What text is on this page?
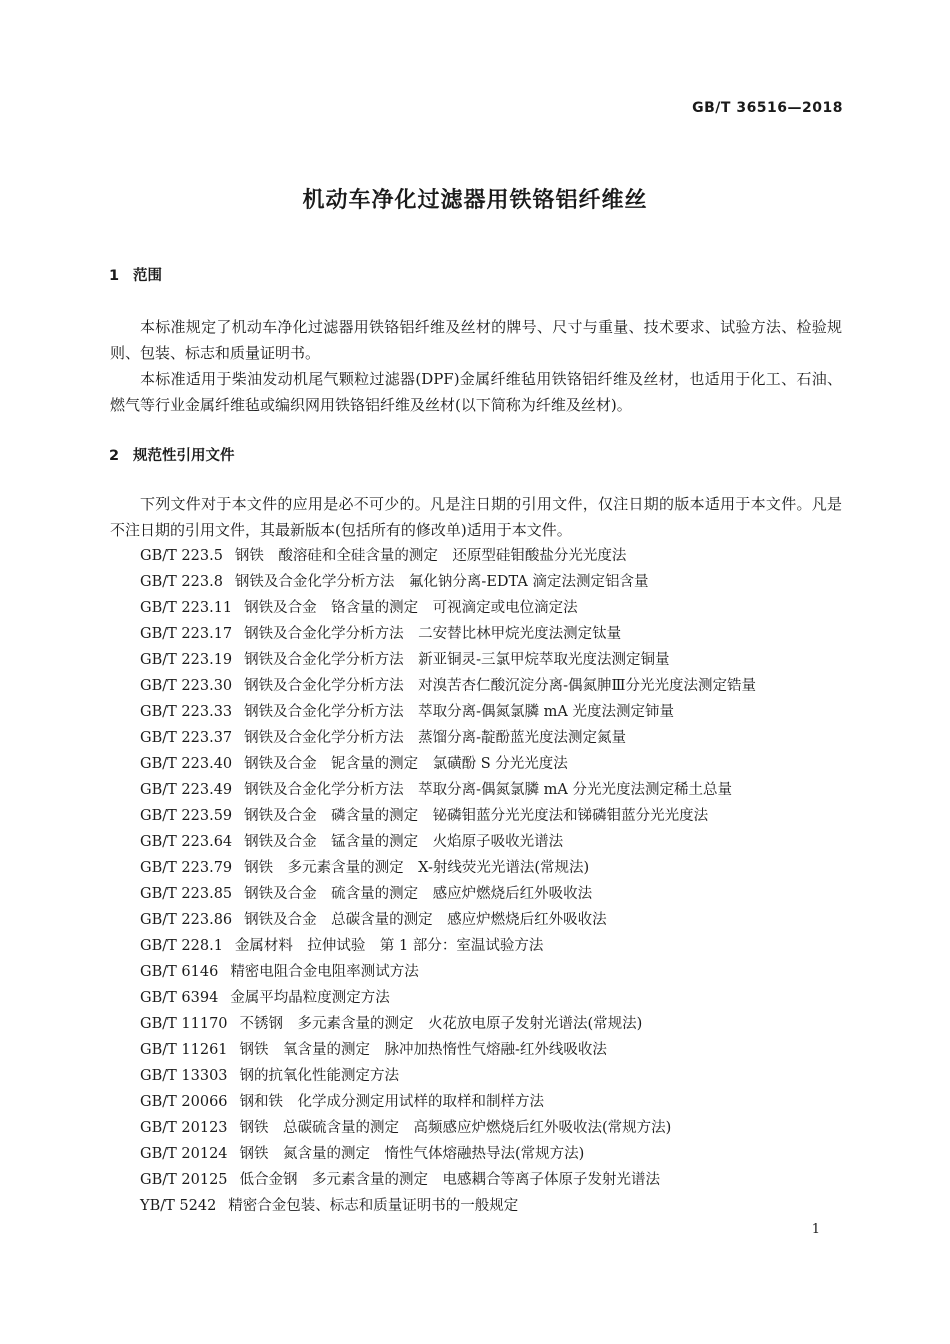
GB/T 36516—2018
机动车净化过滤器用铁铬铝纤维丝
1 范围
本标准规定了机动车净化过滤器用铁铬铝纤维及丝材的牌号、尺寸与重量、技术要求、试验方法、检验规则、包装、标志和质量证明书。
本标准适用于柴油发动机尾气颗粒过滤器(DPF)金属纤维毡用铁铬铝纤维及丝材，也适用于化工、石油、燃气等行业金属纤维毡或编织网用铁铬铝纤维及丝材(以下简称为纤维及丝材)。
2 规范性引用文件
下列文件对于本文件的应用是必不可少的。凡是注日期的引用文件，仅注日期的版本适用于本文件。凡是不注日期的引用文件，其最新版本(包括所有的修改单)适用于本文件。
GB/T 223.5 钢铁　酸溶硅和全硅含量的测定　还原型硅钼酸盐分光光度法
GB/T 223.8 钢铁及合金化学分析方法　氟化钠分离-EDTA 滴定法测定铝含量
GB/T 223.11 钢铁及合金　铬含量的测定　可视滴定或电位滴定法
GB/T 223.17 钢铁及合金化学分析方法　二安替比林甲烷光度法测定钛量
GB/T 223.19 钢铁及合金化学分析方法　新亚铜灵-三氯甲烷萃取光度法测定铜量
GB/T 223.30 钢铁及合金化学分析方法　对溴苦杏仁酸沉淀分离-偶氮胂Ⅲ分光光度法测定锆量
GB/T 223.33 钢铁及合金化学分析方法　萃取分离-偶氮氯膦 mA 光度法测定铈量
GB/T 223.37 钢铁及合金化学分析方法　蒸馏分离-靛酚蓝光度法测定氮量
GB/T 223.40 钢铁及合金　铌含量的测定　氯磺酚 S 分光光度法
GB/T 223.49 钢铁及合金化学分析方法　萃取分离-偶氮氯膦 mA 分光光度法测定稀土总量
GB/T 223.59 钢铁及合金　磷含量的测定　铋磷钼蓝分光光度法和锑磷钼蓝分光光度法
GB/T 223.64 钢铁及合金　锰含量的测定　火焰原子吸收光谱法
GB/T 223.79 钢铁　多元素含量的测定　X-射线荧光光谱法(常规法)
GB/T 223.85 钢铁及合金　硫含量的测定　感应炉燃烧后红外吸收法
GB/T 223.86 钢铁及合金　总碳含量的测定　感应炉燃烧后红外吸收法
GB/T 228.1 金属材料　拉伸试验　第 1 部分：室温试验方法
GB/T 6146 精密电阻合金电阻率测试方法
GB/T 6394 金属平均晶粒度测定方法
GB/T 11170 不锈钢　多元素含量的测定　火花放电原子发射光谱法(常规法)
GB/T 11261 钢铁　氧含量的测定　脉冲加热惰性气熔融-红外线吸收法
GB/T 13303 钢的抗氧化性能测定方法
GB/T 20066 钢和铁　化学成分测定用试样的取样和制样方法
GB/T 20123 钢铁　总碳硫含量的测定　高频感应炉燃烧后红外吸收法(常规方法)
GB/T 20124 钢铁　氮含量的测定　惰性气体熔融热导法(常规方法)
GB/T 20125 低合金钢　多元素含量的测定　电感耦合等离子体原子发射光谱法
YB/T 5242 精密合金包装、标志和质量证明书的一般规定
1
